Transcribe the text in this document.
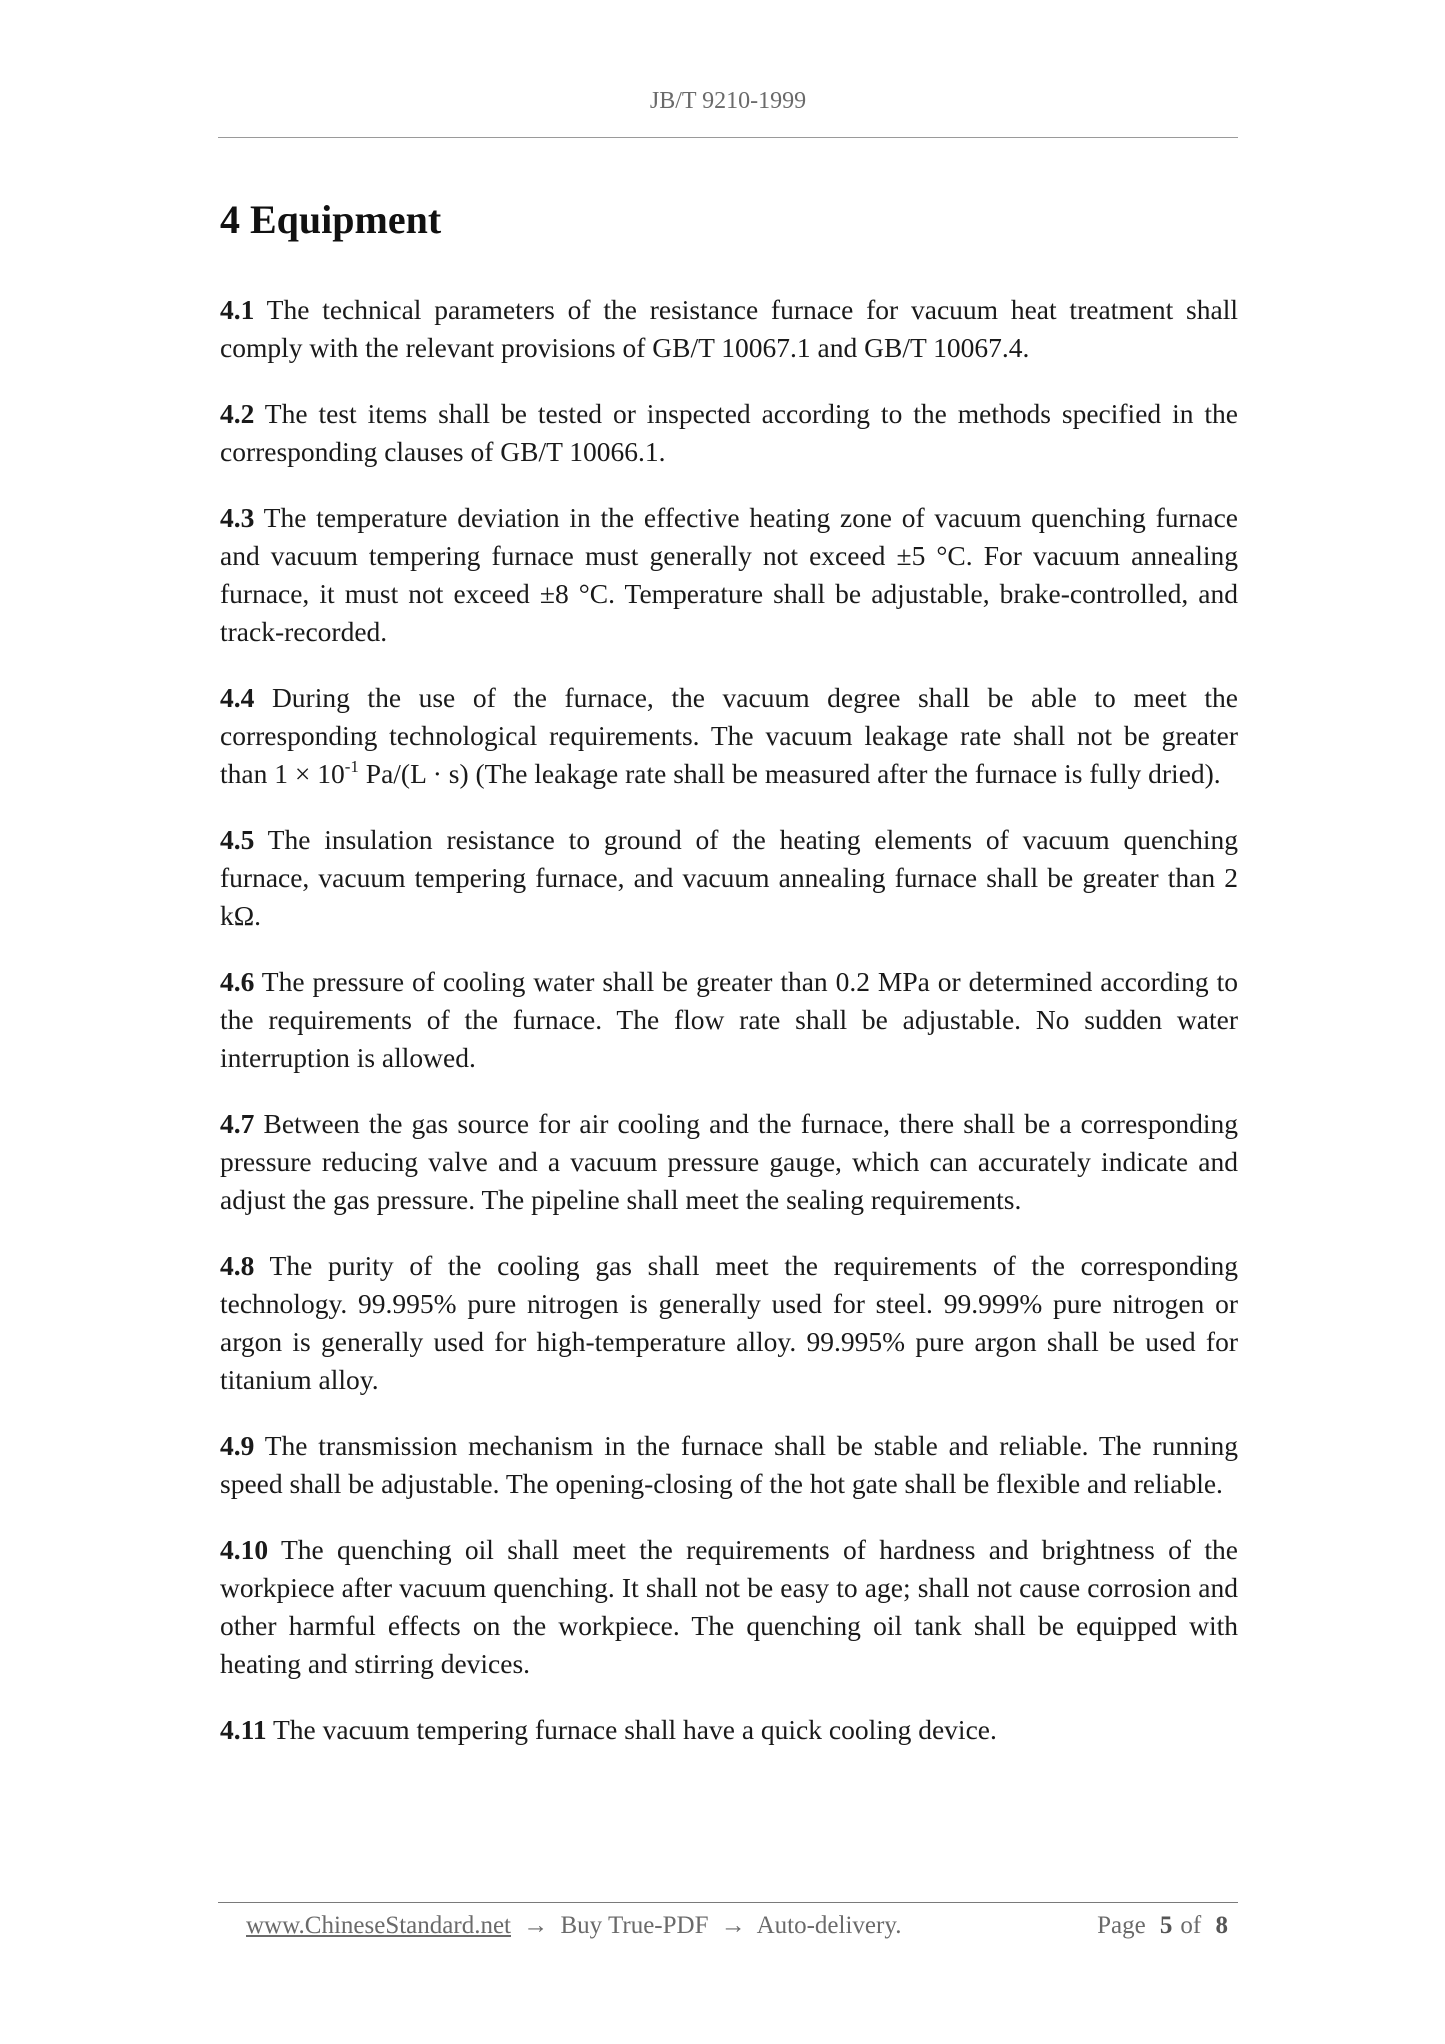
JB/T 9210-1999
4 Equipment

4.1 The technical parameters of the resistance furnace for vacuum heat treatment shall comply with the relevant provisions of GB/T 10067.1 and GB/T 10067.4.

4.2 The test items shall be tested or inspected according to the methods specified in the corresponding clauses of GB/T 10066.1.

4.3 The temperature deviation in the effective heating zone of vacuum quenching furnace and vacuum tempering furnace must generally not exceed ±5 °C. For vacuum annealing furnace, it must not exceed ±8 °C. Temperature shall be adjustable, brake-controlled, and track-recorded.

4.4 During the use of the furnace, the vacuum degree shall be able to meet the corresponding technological requirements. The vacuum leakage rate shall not be greater than $1 \times 10^{-1}$ Pa/(L · s) (The leakage rate shall be measured after the furnace is fully dried).

4.5 The insulation resistance to ground of the heating elements of vacuum quenching furnace, vacuum tempering furnace, and vacuum annealing furnace shall be greater than 2 kΩ.

4.6 The pressure of cooling water shall be greater than 0.2 MPa or determined according to the requirements of the furnace. The flow rate shall be adjustable. No sudden water interruption is allowed.

4.7 Between the gas source for air cooling and the furnace, there shall be a corresponding pressure reducing valve and a vacuum pressure gauge, which can accurately indicate and adjust the gas pressure. The pipeline shall meet the sealing requirements.

4.8 The purity of the cooling gas shall meet the requirements of the corresponding technology. 99.995% pure nitrogen is generally used for steel. 99.999% pure nitrogen or argon is generally used for high-temperature alloy. 99.995% pure argon shall be used for titanium alloy.

4.9 The transmission mechanism in the furnace shall be stable and reliable. The running speed shall be adjustable. The opening-closing of the hot gate shall be flexible and reliable.

4.10 The quenching oil shall meet the requirements of hardness and brightness of the workpiece after vacuum quenching. It shall not be easy to age; shall not cause corrosion and other harmful effects on the workpiece. The quenching oil tank shall be equipped with heating and stirring devices.

4.11 The vacuum tempering furnace shall have a quick cooling device.

www.ChineseStandard.net → Buy True-PDF → Auto-delivery.	Page 5 of 8
